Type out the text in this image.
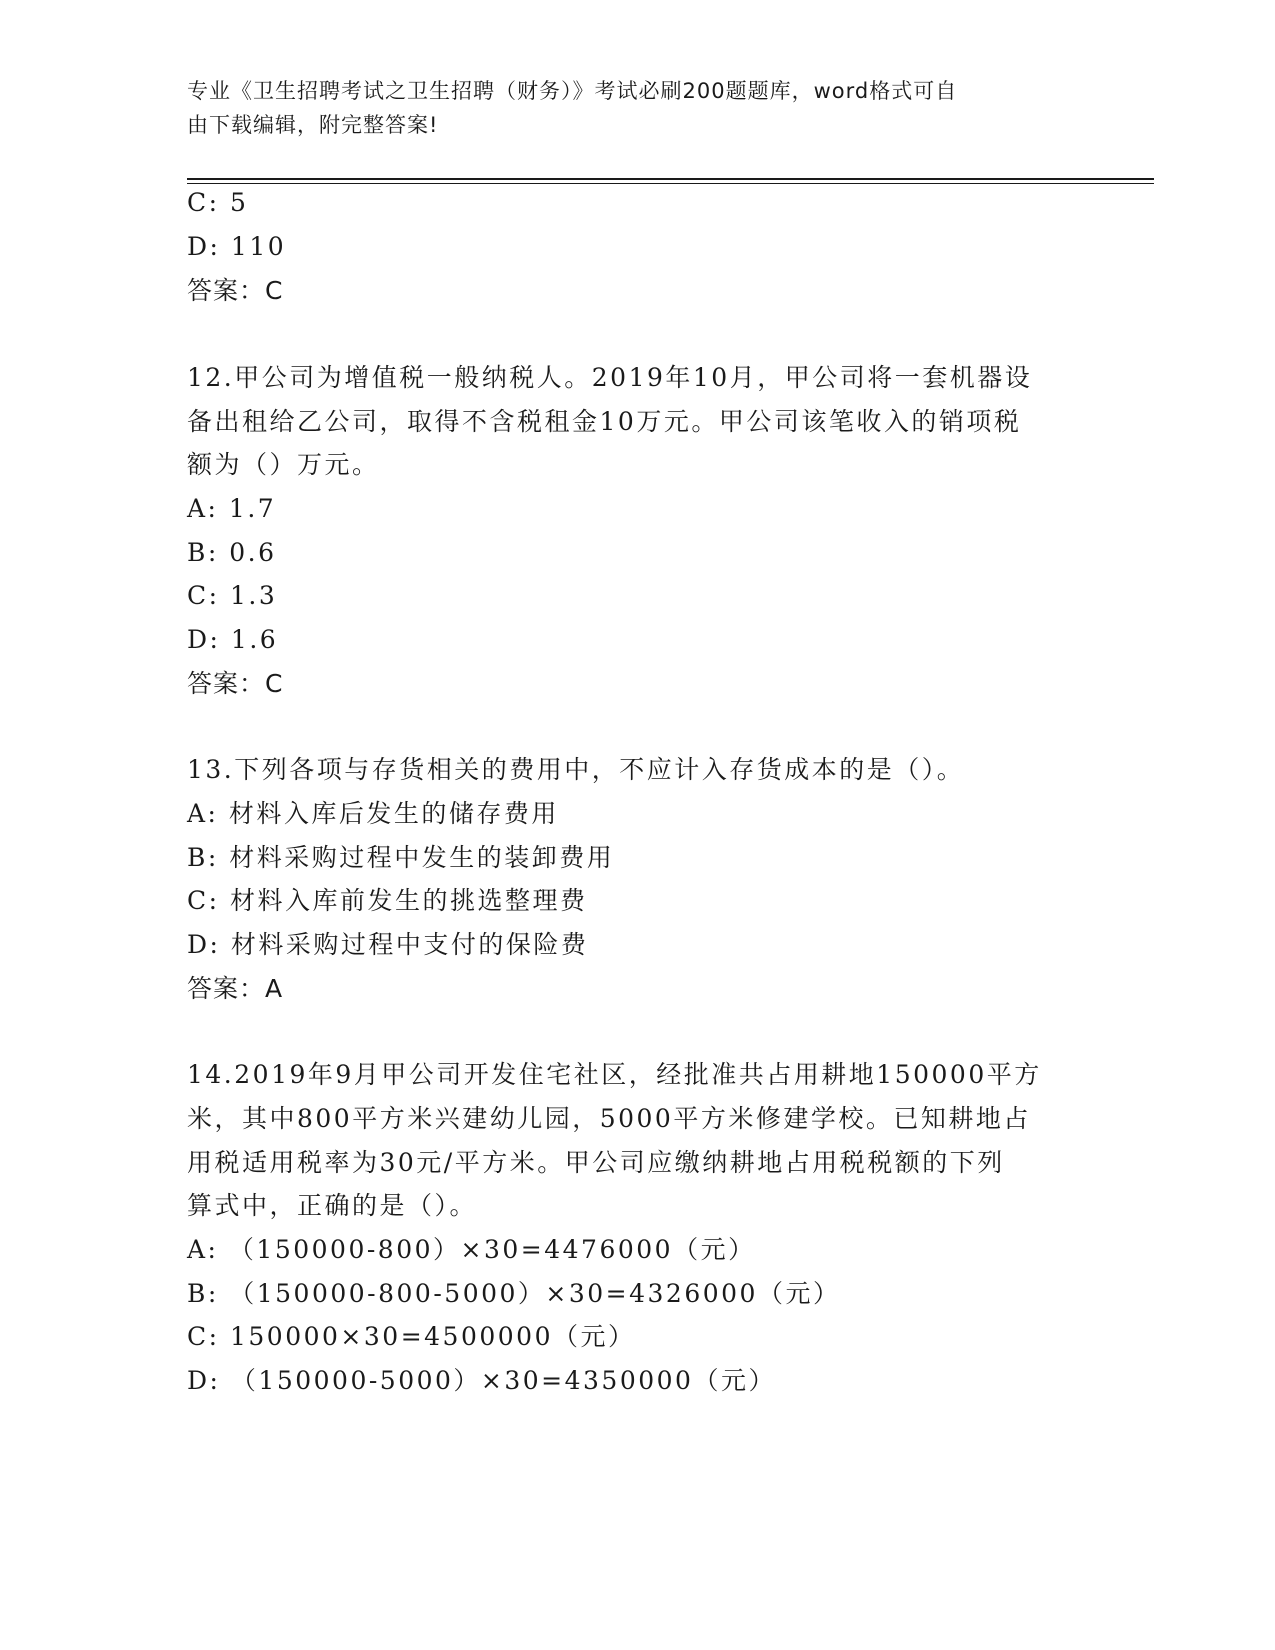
专业《卫生招聘考试之卫生招聘（财务）》考试必刷200题题库，word格式可自
由下载编辑，附完整答案!
C: 5
D: 110
答案：C
12.甲公司为增值税一般纳税人。2019年10月，甲公司将一套机器设
备出租给乙公司，取得不含税租金10万元。甲公司该笔收入的销项税
额为（）万元。
A: 1.7
B: 0.6
C: 1.3
D: 1.6
答案：C
13.下列各项与存货相关的费用中，不应计入存货成本的是（）。
A: 材料入库后发生的储存费用
B: 材料采购过程中发生的装卸费用
C: 材料入库前发生的挑选整理费
D: 材料采购过程中支付的保险费
答案：A
14.2019年9月甲公司开发住宅社区，经批准共占用耕地150000平方
米，其中800平方米兴建幼儿园，5000平方米修建学校。已知耕地占
用税适用税率为30元/平方米。甲公司应缴纳耕地占用税税额的下列
算式中，正确的是（）。
A: （150000-800）×30=4476000（元）
B: （150000-800-5000）×30=4326000（元）
C: 150000×30=4500000（元）
D: （150000-5000）×30=4350000（元）
